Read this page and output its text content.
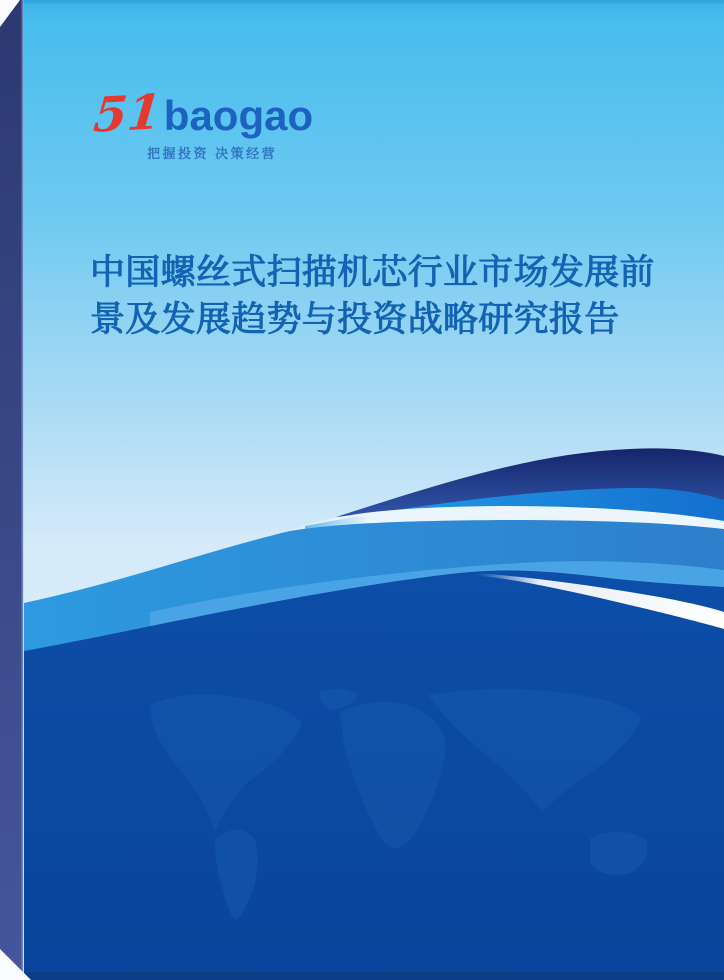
51 baogao
把握投资 决策经营
中国螺丝式扫描机芯行业市场发展前
景及发展趋势与投资战略研究报告
